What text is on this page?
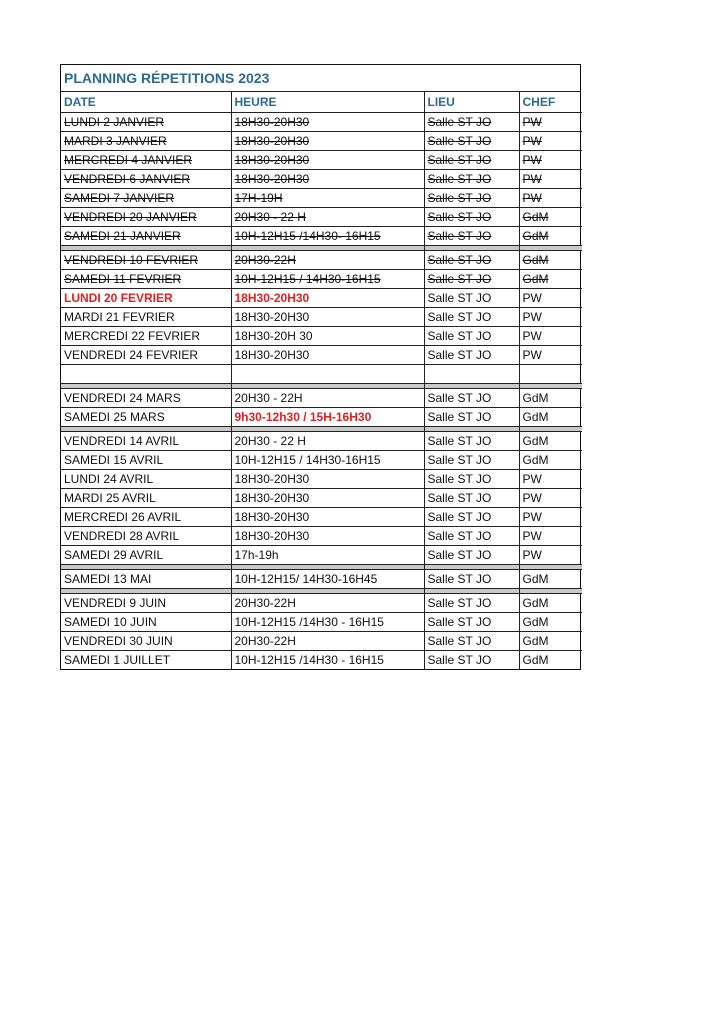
PLANNING RÉPETITIONS 2023
DATE	HEURE	LIEU	CHEF
LUNDI 2 JANVIER	18H30-20H30	Salle ST JO	PW
MARDI 3 JANVIER	18H30-20H30	Salle ST JO	PW
MERCREDI 4 JANVIER	18H30-20H30	Salle ST JO	PW
VENDREDI 6 JANVIER	18H30-20H30	Salle ST JO	PW
SAMEDI 7 JANVIER	17H-19H	Salle ST JO	PW
VENDREDI 20 JANVIER	20H30 - 22 H	Salle ST JO	GdM
SAMEDI 21 JANVIER	10H-12H15 /14H30- 16H15	Salle ST JO	GdM

VENDREDI 10 FEVRIER	20H30-22H	Salle ST JO	GdM
SAMEDI 11 FEVRIER	10H-12H15 / 14H30-16H15	Salle ST JO	GdM
LUNDI 20 FEVRIER	18H30-20H30	Salle ST JO	PW
MARDI 21 FEVRIER	18H30-20H30	Salle ST JO	PW
MERCREDI 22 FEVRIER	18H30-20H 30	Salle ST JO	PW
VENDREDI 24 FEVRIER	18H30-20H30	Salle ST JO	PW

VENDREDI 24 MARS	20H30 - 22H	Salle ST JO	GdM
SAMEDI 25 MARS	9h30-12h30 / 15H-16H30	Salle ST JO	GdM

VENDREDI 14 AVRIL	20H30 - 22 H	Salle ST JO	GdM
SAMEDI 15 AVRIL	10H-12H15 / 14H30-16H15	Salle ST JO	GdM
LUNDI 24 AVRIL	18H30-20H30	Salle ST JO	PW
MARDI 25 AVRIL	18H30-20H30	Salle ST JO	PW
MERCREDI 26 AVRIL	18H30-20H30	Salle ST JO	PW
VENDREDI 28 AVRIL	18H30-20H30	Salle ST JO	PW
SAMEDI 29 AVRIL	17h-19h	Salle ST JO	PW

SAMEDI 13 MAI	10H-12H15/ 14H30-16H45	Salle ST JO	GdM

VENDREDI 9 JUIN	20H30-22H	Salle ST JO	GdM
SAMEDI 10 JUIN	10H-12H15 /14H30 - 16H15	Salle ST JO	GdM
VENDREDI 30 JUIN	20H30-22H	Salle ST JO	GdM
SAMEDI 1 JUILLET	10H-12H15 /14H30 - 16H15	Salle ST JO	GdM
